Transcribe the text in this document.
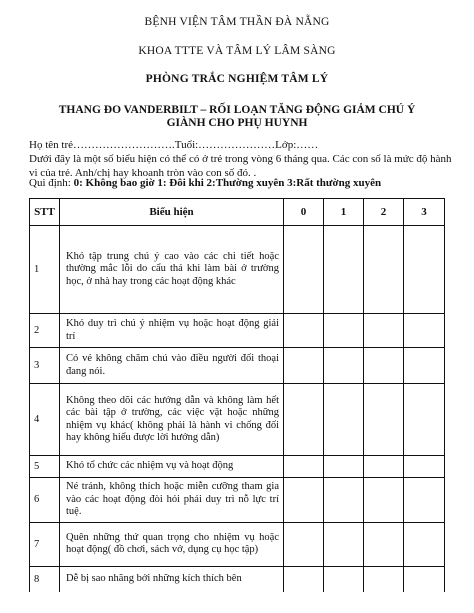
BỆNH VIỆN TÂM THẦN ĐÀ NẴNG
KHOA TTTE VÀ TÂM LÝ LÂM SÀNG
PHÒNG TRẮC NGHIỆM TÂM LÝ
THANG ĐO VANDERBILT – RỐI LOẠN TĂNG ĐỘNG GIẢM CHÚ Ý
GIÀNH CHO PHỤ HUYNH
Họ tên trẻ……………………….Tuổi:…………………Lớp:……
Dưới đây là một số biểu hiện có thể có ở trẻ trong vòng 6 tháng qua. Các con số là mức độ hành vi của trẻ. Anh/chị hay khoanh tròn vào con số đó. .
Qui định: 0: Không bao giờ 1: Đôi khi 2:Thường xuyên 3:Rất thường xuyên
STT	Biểu hiện	0	1	2	3
1	Khó tập trung chú ý cao vào các chi tiết hoặc thường mắc lỗi do cẩu thả khi làm bài ở trường học, ở nhà hay trong các hoạt động khác				
2	Khó duy trì chú ý nhiệm vụ hoặc hoạt động giải trí				
3	Có vẻ không chăm chú vào điều người đối thoại đang nói.				
4	Không theo dõi các hướng dẫn và không làm hết các bài tập ở trường, các việc vặt hoặc những nhiệm vụ khác( không phải là hành vi chống đối hay không hiểu được lời hướng dẫn)				
5	Khó tổ chức các nhiệm vụ và hoạt động				
6	Né tránh, không thích hoặc miễn cưỡng tham gia vào các hoạt động đòi hỏi phải duy trì nỗ lực trí tuệ.				
7	Quên những thứ quan trọng cho nhiệm vụ hoặc hoạt động( đồ chơi, sách vở, dụng cụ học tập)				
8	Dễ bị sao nhãng bởi những kích thích bên				
